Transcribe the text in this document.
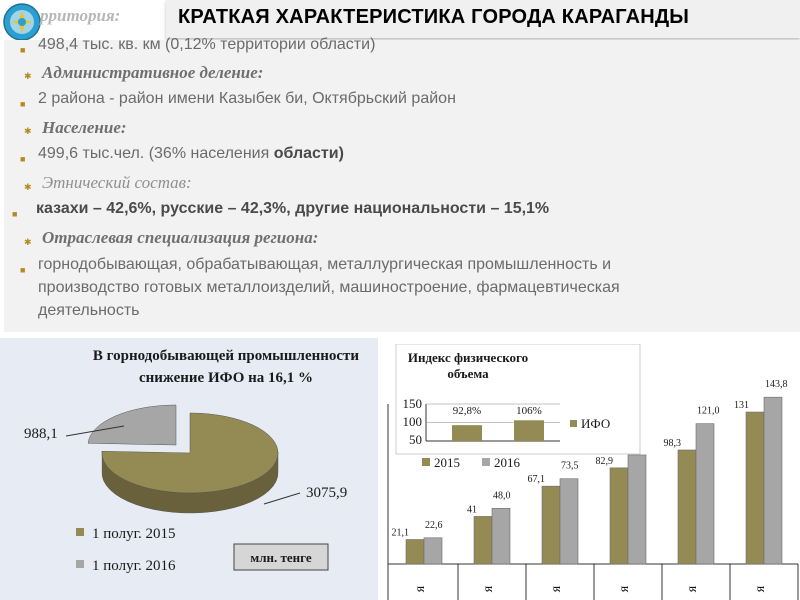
рритория:	КРАТКАЯ ХАРАКТЕРИСТИКА ГОРОДА КАРАГАНДЫ
■ 498,4 тыс. кв. км (0,12% территории области)
✱ Административное деление:
■ 2 района - район имени Казыбек би, Октябрьский район
✱ Население:
■ 499,6 тыс.чел. (36% населения области)
✱ Этнический состав:
■ казахи – 42,6%, русские – 42,3%, другие национальности – 15,1%
✱ Отраслевая специализация региона:
■ горнодобывающая, обрабатывающая, металлургическая промышленность и
производство готовых металлоизделий, машиностроение, фармацевтическая
деятельность
В горнодобывающей промышленности
снижение ИФО на 16,1 %
988,1
3075,9
1 полуг. 2015
1 полуг. 2016
млн. тенге
21,1
22,6
41
48,0
67,1
73,5 82,9
98,3
121,0
131
143,8
я	я	я	я	я	я
2015	2016
Индекс физического
объема
92,8%	106%
150
100
50
ИФО
